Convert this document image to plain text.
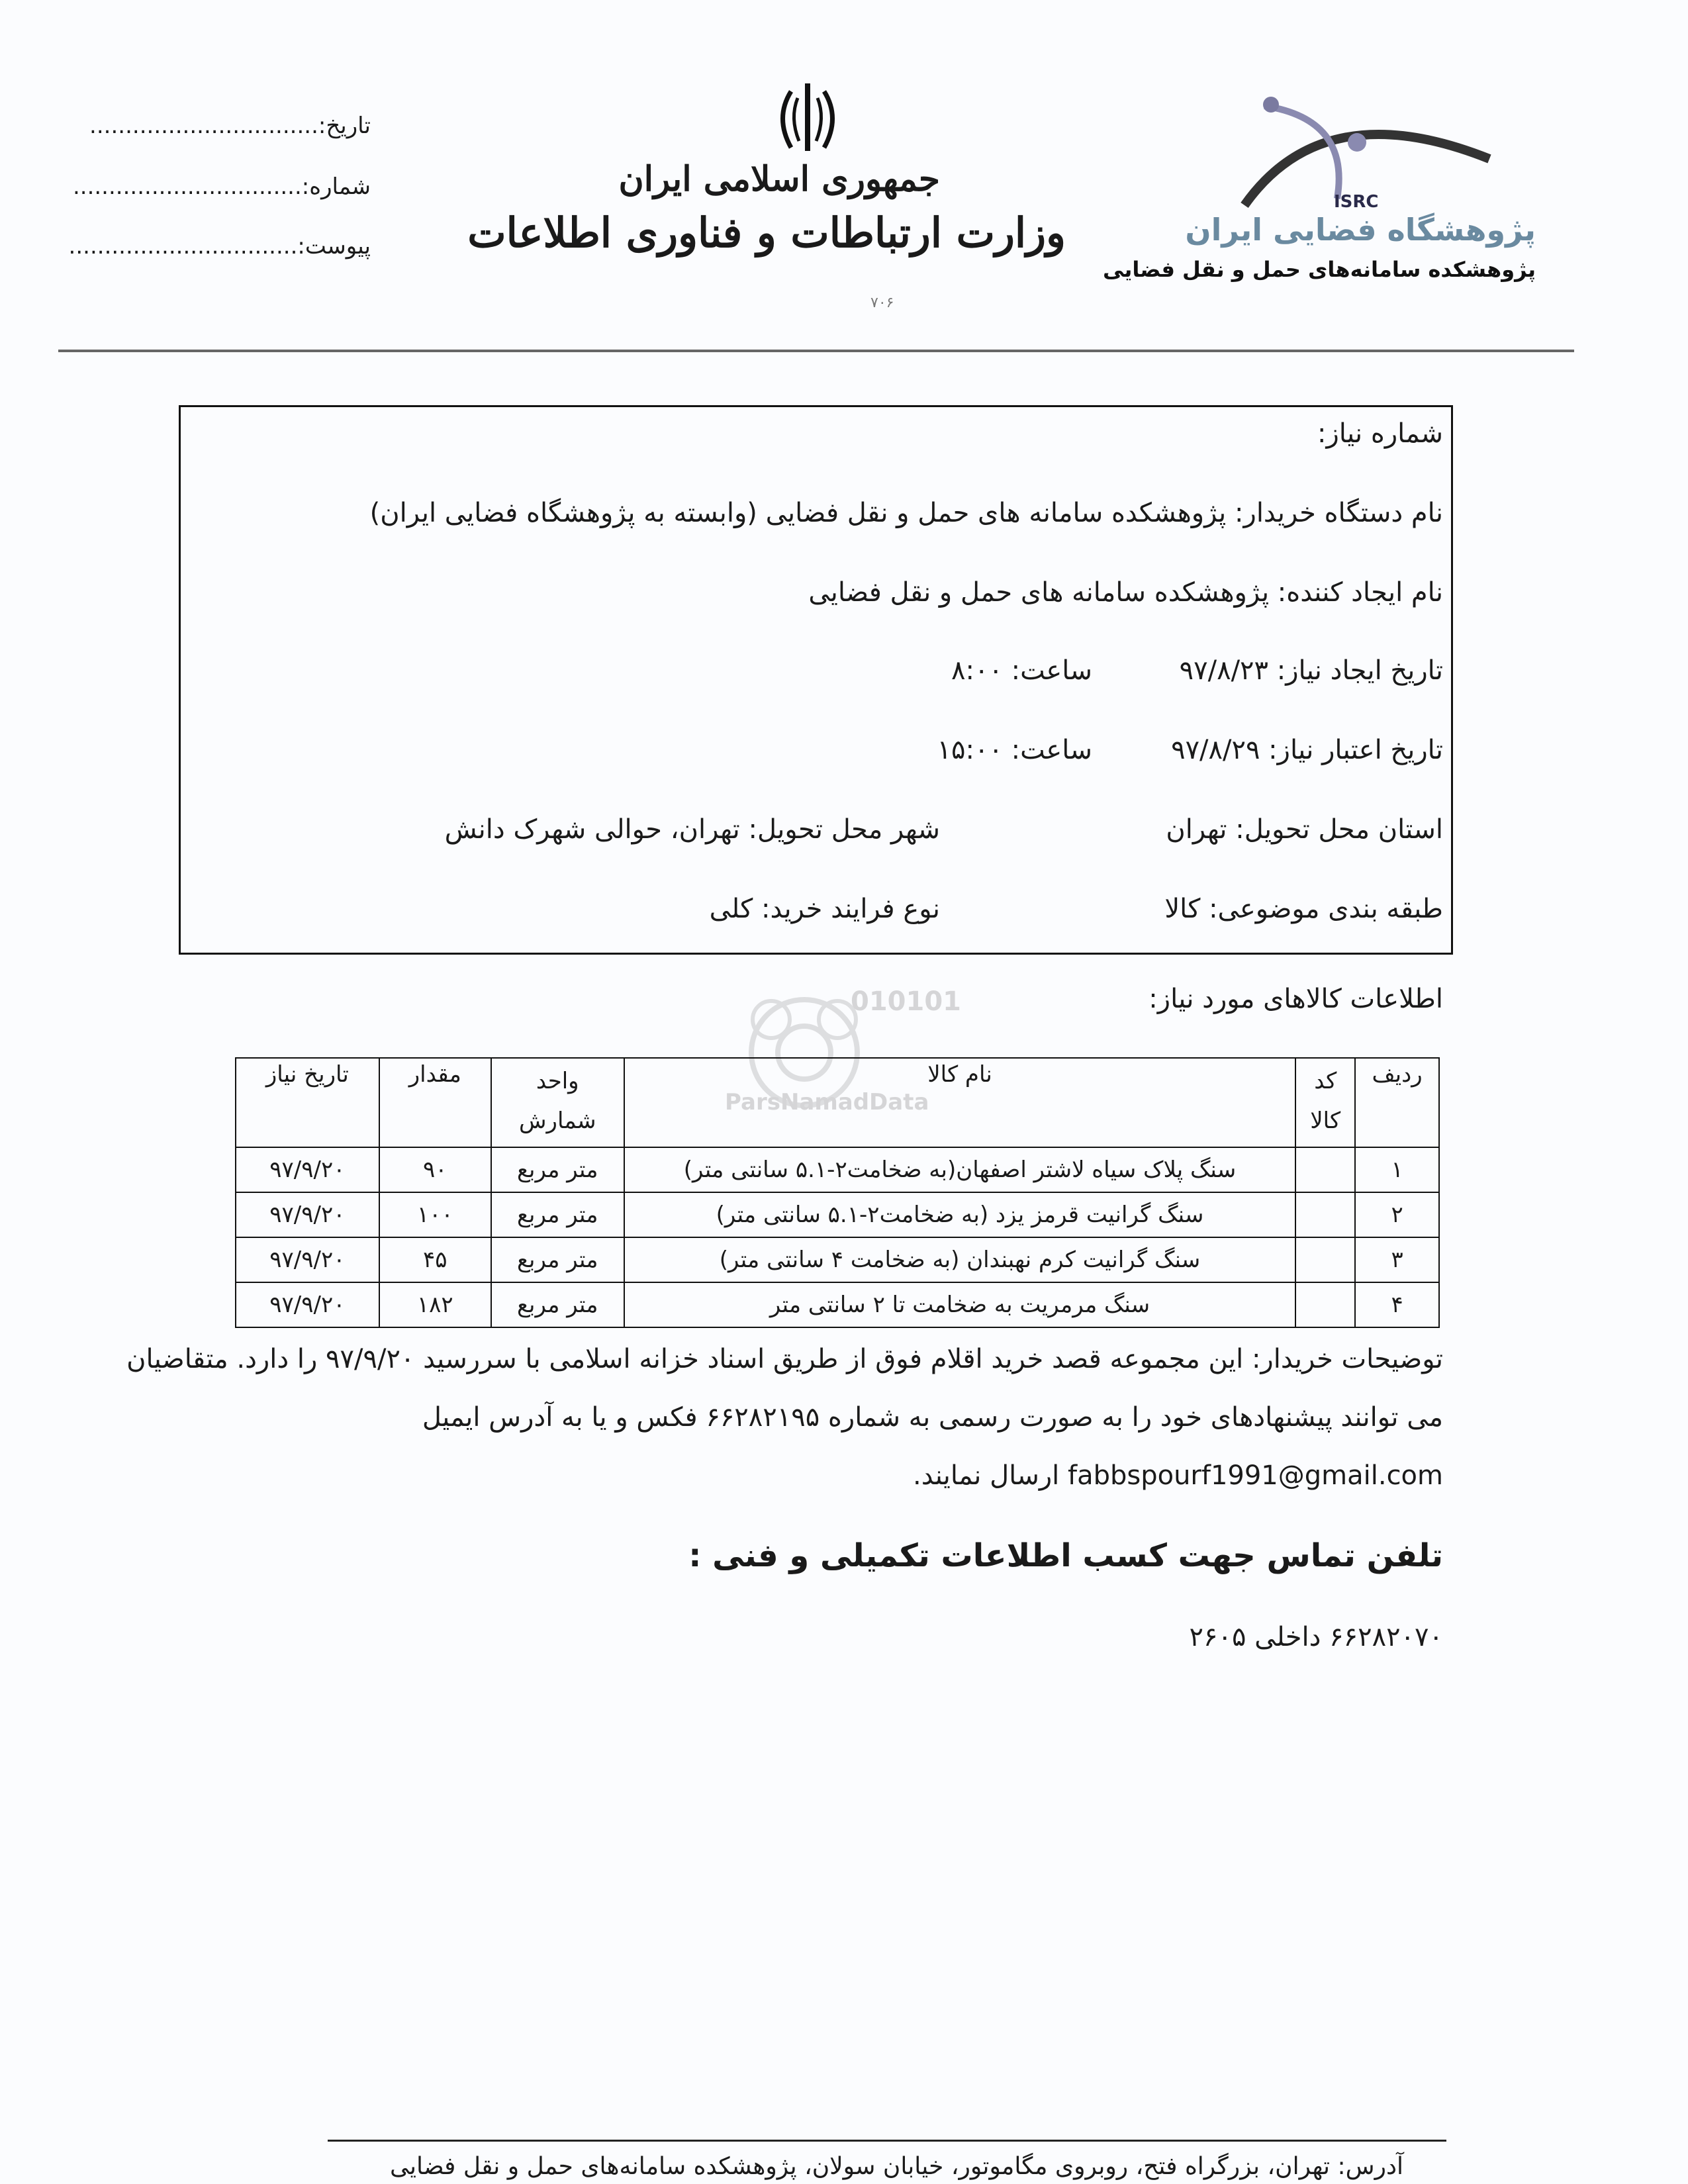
ISRC
پژوهشگاه فضایی ایران
پژوهشکده سامانه‌های حمل و نقل فضایی
جمهوری اسلامی ایران
وزارت ارتباطات و فناوری اطلاعات
۷۰۶
تاریخ:................................
شماره:................................
پیوست:................................
شماره نیاز:
نام دستگاه خریدار: پژوهشکده سامانه های حمل و نقل فضایی (وابسته به پژوهشگاه فضایی ایران)
نام ایجاد کننده: پژوهشکده سامانه های حمل و نقل فضایی
تاریخ ایجاد نیاز: ۹۷/۸/۲۳
ساعت: ۸:۰۰
تاریخ اعتبار نیاز: ۹۷/۸/۲۹
ساعت: ۱۵:۰۰
استان محل تحویل: تهران
شهر محل تحویل: تهران، حوالی شهرک دانش
طبقه بندی موضوعی: کالا
نوع فرایند خرید: کلی
اطلاعات کالاهای مورد نیاز:
010101
ParsNamadData
ردیف	کد کالا	نام کالا	واحد شمارش	مقدار	تاریخ نیاز
۱		سنگ پلاک سیاه لاشتر اصفهان(به ضخامت۲-۵.۱ سانتی متر)	متر مربع	۹۰	۹۷/۹/۲۰
۲		سنگ گرانیت قرمز یزد (به ضخامت۲-۵.۱ سانتی متر)	متر مربع	۱۰۰	۹۷/۹/۲۰
۳		سنگ گرانیت کرم نهبندان (به ضخامت ۴ سانتی متر)	متر مربع	۴۵	۹۷/۹/۲۰
۴		سنگ مرمریت به ضخامت تا ۲ سانتی متر	متر مربع	۱۸۲	۹۷/۹/۲۰
توضیحات خریدار: این مجموعه قصد خرید اقلام فوق از طریق اسناد خزانه اسلامی با سررسید ۹۷/۹/۲۰ را دارد. متقاضیان
می توانند پیشنهادهای خود را به صورت رسمی به شماره ۶۶۲۸۲۱۹۵ فکس و یا به آدرس ایمیل
fabbspourf1991@gmail.com ارسال نمایند.
تلفن تماس جهت کسب اطلاعات تکمیلی و فنی :
۶۶۲۸۲۰۷۰ داخلی ۲۶۰۵
آدرس: تهران، بزرگراه فتح، روبروی مگاموتور، خیابان سولان، پژوهشکده سامانه‌های حمل و نقل فضایی
